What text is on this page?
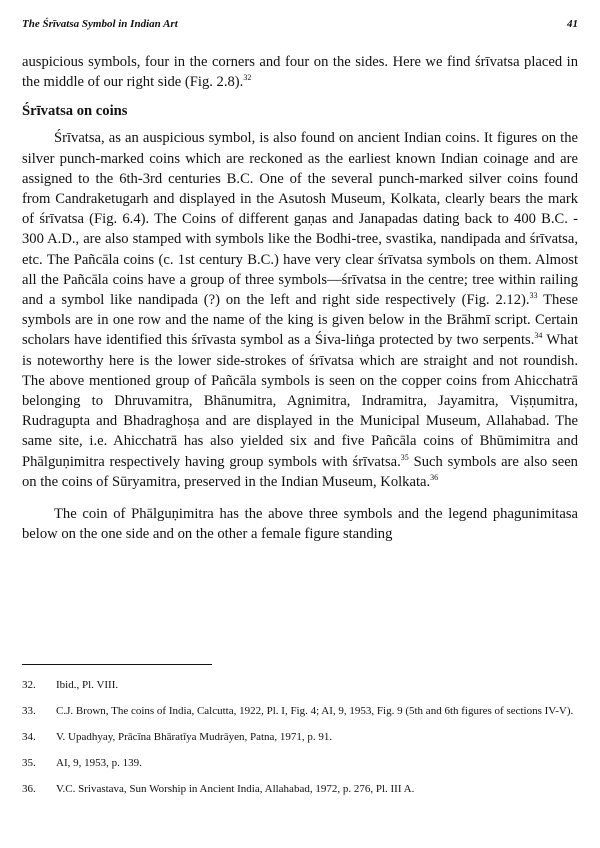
The Śrīvatsa Symbol in Indian Art	41

auspicious symbols, four in the corners and four on the sides. Here we find śrīvatsa placed in the middle of our right side (Fig. 2.8).$^{32}$

Śrīvatsa on coins

Śrīvatsa, as an auspicious symbol, is also found on ancient Indian coins. It figures on the silver punch-marked coins which are reckoned as the earliest known Indian coinage and are assigned to the 6th-3rd centuries B.C. One of the several punch-marked silver coins found from Candraketugarh and displayed in the Asutosh Museum, Kolkata, clearly bears the mark of śrīvatsa (Fig. 6.4). The Coins of different gaṇas and Janapadas dating back to 400 B.C. - 300 A.D., are also stamped with symbols like the Bodhi-tree, svastika, nandipada and śrīvatsa, etc. The Pañcāla coins (c. 1st century B.C.) have very clear śrīvatsa symbols on them. Almost all the Pañcāla coins have a group of three symbols—śrīvatsa in the centre; tree within railing and a symbol like nandipada (?) on the left and right side respectively (Fig. 2.12).$^{33}$ These symbols are in one row and the name of the king is given below in the Brāhmī script. Certain scholars have identified this śrīvasta symbol as a Śiva-liṅga protected by two serpents.$^{34}$ What is noteworthy here is the lower side-strokes of śrīvatsa which are straight and not roundish. The above mentioned group of Pañcāla symbols is seen on the copper coins from Ahicchatrā belonging to Dhruvamitra, Bhānumitra, Agnimitra, Indramitra, Jayamitra, Viṣṇumitra, Rudragupta and Bhadraghoṣa and are displayed in the Municipal Museum, Allahabad. The same site, i.e. Ahicchatrā has also yielded six and five Pañcāla coins of Bhūmimitra and Phālguṇimitra respectively having group symbols with śrīvatsa.$^{35}$ Such symbols are also seen on the coins of Sūryamitra, preserved in the Indian Museum, Kolkata.$^{36}$

The coin of Phālguṇimitra has the above three symbols and the legend phagunimitasa below on the one side and on the other a female figure standing

32.	Ibid., Pl. VIII.
33.	C.J. Brown, The coins of India, Calcutta, 1922, Pl. I, Fig. 4; AI, 9, 1953, Fig. 9 (5th and 6th figures of sections IV-V).
34.	V. Upadhyay, Prācīna Bhāratīya Mudrāyen, Patna, 1971, p. 91.
35.	AI, 9, 1953, p. 139.
36.	V.C. Srivastava, Sun Worship in Ancient India, Allahabad, 1972, p. 276, Pl. III A.
